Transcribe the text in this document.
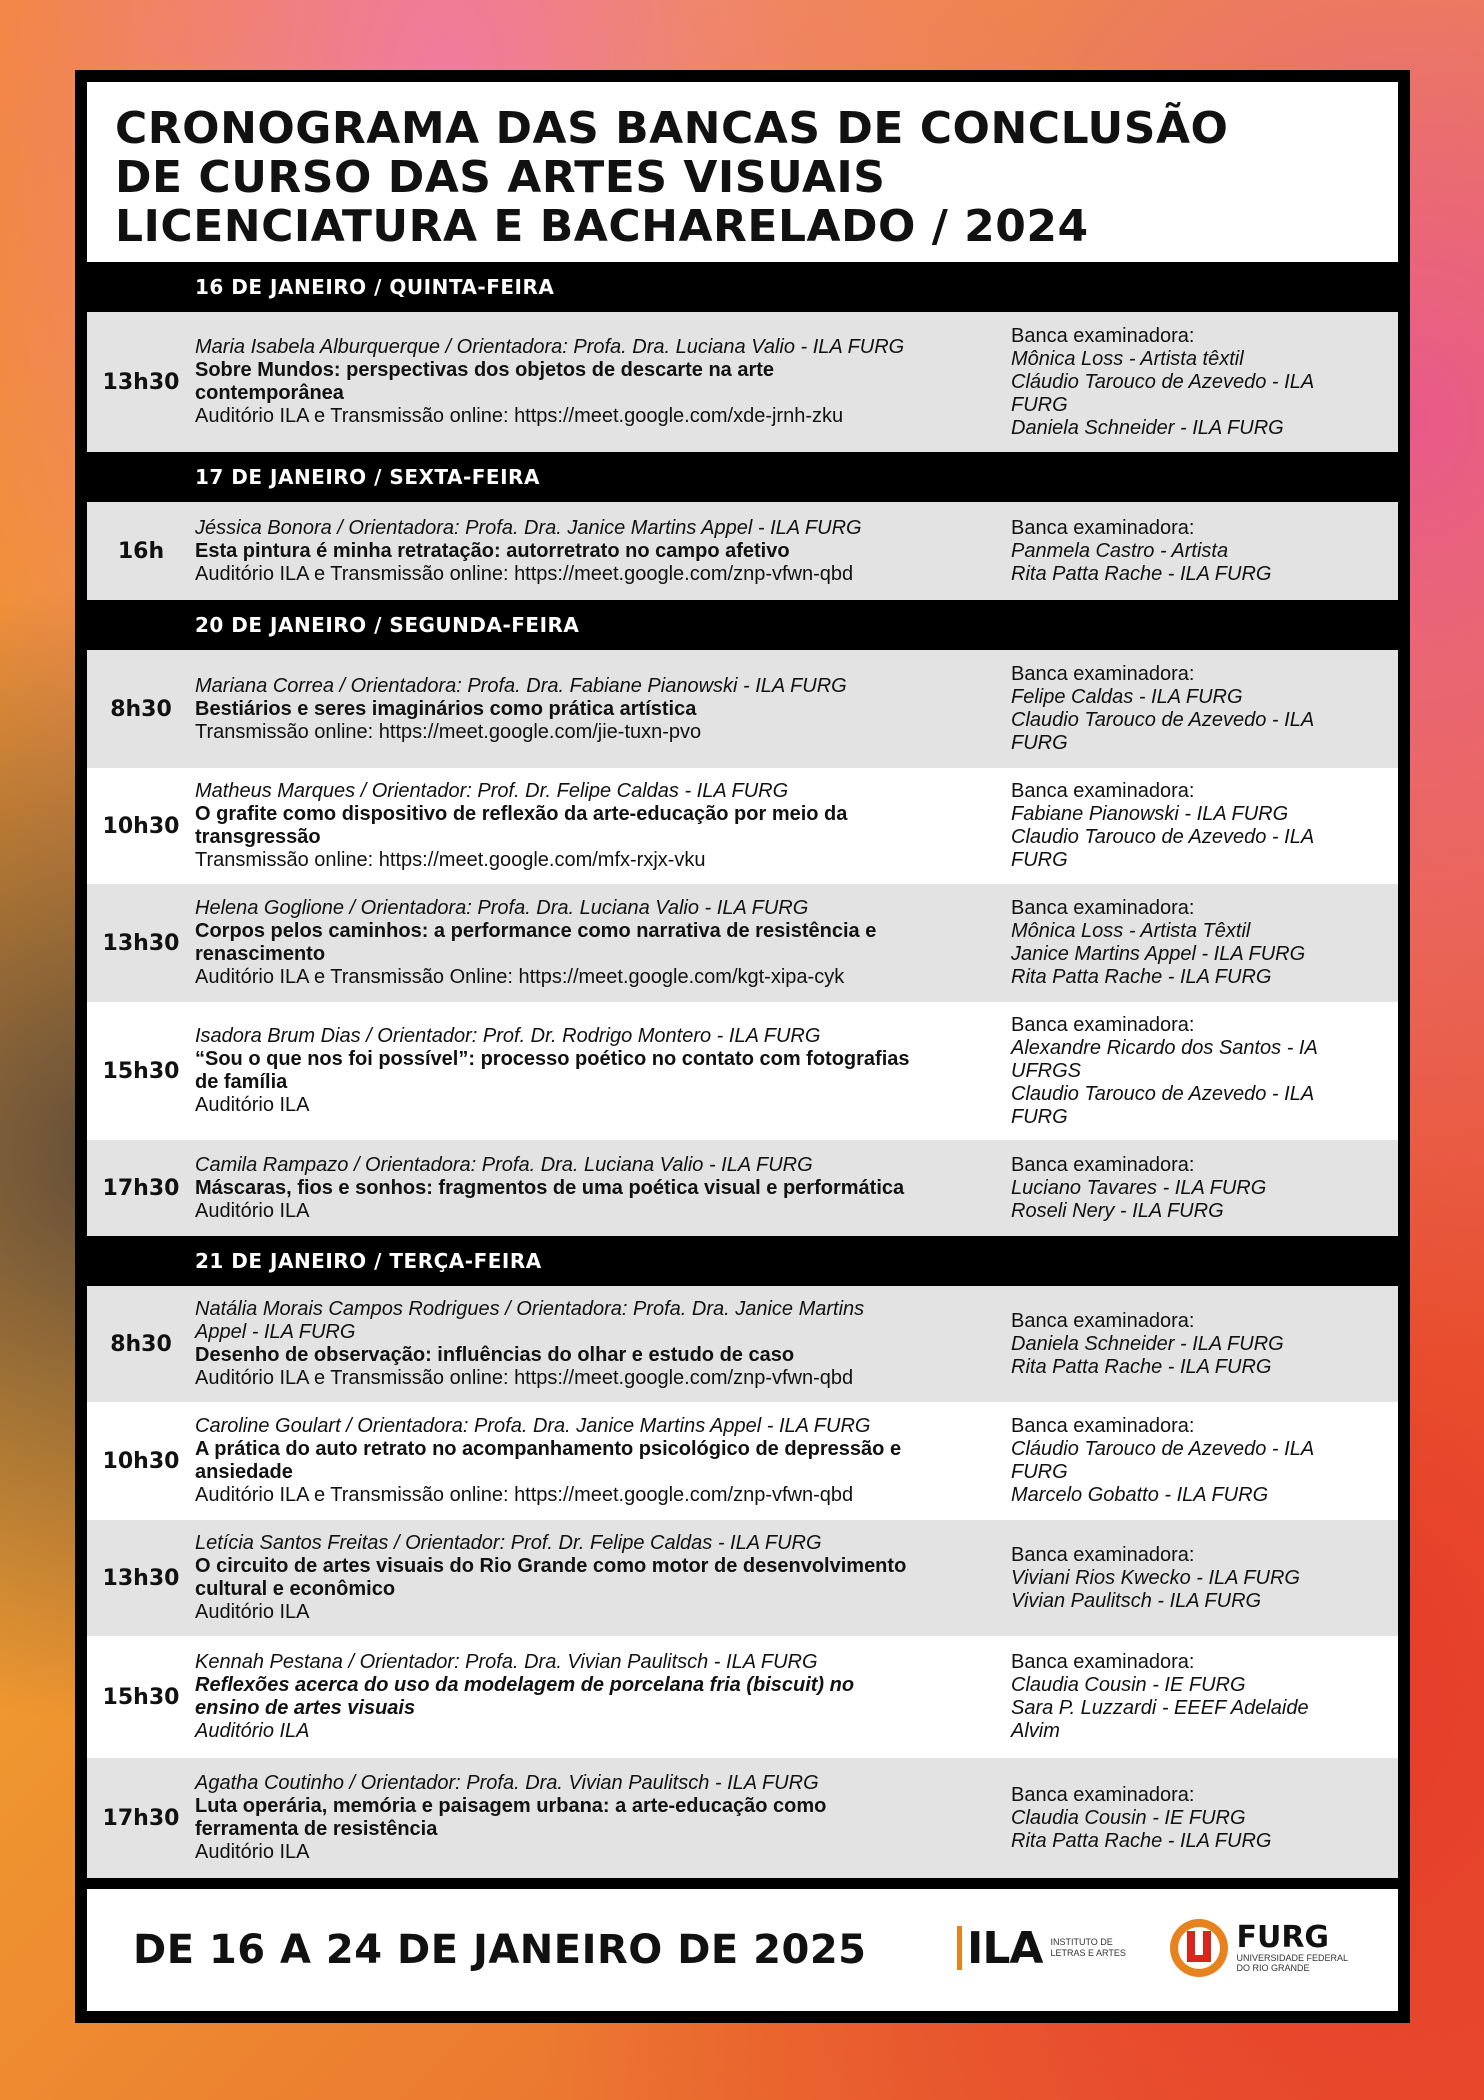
CRONOGRAMA DAS BANCAS DE CONCLUSÃO
DE CURSO DAS ARTES VISUAIS
LICENCIATURA E BACHARELADO / 2024
16 DE JANEIRO / QUINTA-FEIRA
13h30
Maria Isabela Alburquerque / Orientadora: Profa. Dra. Luciana Valio - ILA FURG
Sobre Mundos: perspectivas dos objetos de descarte na arte
contemporânea
Auditório ILA e Transmissão online: https://meet.google.com/xde-jrnh-zku
Banca examinadora:
Mônica Loss - Artista têxtil
Cláudio Tarouco de Azevedo - ILA
FURG
Daniela Schneider - ILA FURG
17 DE JANEIRO / SEXTA-FEIRA
16h
Jéssica Bonora / Orientadora: Profa. Dra. Janice Martins Appel - ILA FURG
Esta pintura é minha retratação: autorretrato no campo afetivo
Auditório ILA e Transmissão online: https://meet.google.com/znp-vfwn-qbd
Banca examinadora:
Panmela Castro - Artista
Rita Patta Rache - ILA FURG
20 DE JANEIRO / SEGUNDA-FEIRA
8h30
Mariana Correa / Orientadora: Profa. Dra. Fabiane Pianowski - ILA FURG
Bestiários e seres imaginários como prática artística
Transmissão online: https://meet.google.com/jie-tuxn-pvo
Banca examinadora:
Felipe Caldas - ILA FURG
Claudio Tarouco de Azevedo - ILA
FURG
10h30
Matheus Marques / Orientador: Prof. Dr. Felipe Caldas - ILA FURG
O grafite como dispositivo de reflexão da arte-educação por meio da
transgressão
Transmissão online: https://meet.google.com/mfx-rxjx-vku
Banca examinadora:
Fabiane Pianowski - ILA FURG
Claudio Tarouco de Azevedo - ILA
FURG
13h30
Helena Goglione / Orientadora: Profa. Dra. Luciana Valio - ILA FURG
Corpos pelos caminhos: a performance como narrativa de resistência e
renascimento
Auditório ILA e Transmissão Online: https://meet.google.com/kgt-xipa-cyk
Banca examinadora:
Mônica Loss - Artista Têxtil
Janice Martins Appel - ILA FURG
Rita Patta Rache - ILA FURG
15h30
Isadora Brum Dias / Orientador: Prof. Dr. Rodrigo Montero - ILA FURG
“Sou o que nos foi possível”: processo poético no contato com fotografias
de família
Auditório ILA
Banca examinadora:
Alexandre Ricardo dos Santos - IA
UFRGS
Claudio Tarouco de Azevedo - ILA
FURG
17h30
Camila Rampazo / Orientadora: Profa. Dra. Luciana Valio - ILA FURG
Máscaras, fios e sonhos: fragmentos de uma poética visual e performática
Auditório ILA
Banca examinadora:
Luciano Tavares - ILA FURG
Roseli Nery - ILA FURG
21 DE JANEIRO / TERÇA-FEIRA
8h30
Natália Morais Campos Rodrigues / Orientadora: Profa. Dra. Janice Martins
Appel - ILA FURG
Desenho de observação: influências do olhar e estudo de caso
Auditório ILA e Transmissão online: https://meet.google.com/znp-vfwn-qbd
Banca examinadora:
Daniela Schneider - ILA FURG
Rita Patta Rache - ILA FURG
10h30
Caroline Goulart / Orientadora: Profa. Dra. Janice Martins Appel - ILA FURG
A prática do auto retrato no acompanhamento psicológico de depressão e
ansiedade
Auditório ILA e Transmissão online: https://meet.google.com/znp-vfwn-qbd
Banca examinadora:
Cláudio Tarouco de Azevedo - ILA
FURG
Marcelo Gobatto - ILA FURG
13h30
Letícia Santos Freitas / Orientador: Prof. Dr. Felipe Caldas - ILA FURG
O circuito de artes visuais do Rio Grande como motor de desenvolvimento
cultural e econômico
Auditório ILA
Banca examinadora:
Viviani Rios Kwecko - ILA FURG
Vivian Paulitsch - ILA FURG
15h30
Kennah Pestana / Orientador: Profa. Dra. Vivian Paulitsch - ILA FURG
Reflexões acerca do uso da modelagem de porcelana fria (biscuit) no
ensino de artes visuais
Auditório ILA
Banca examinadora:
Claudia Cousin - IE FURG
Sara P. Luzzardi - EEEF Adelaide
Alvim
17h30
Agatha Coutinho / Orientador: Profa. Dra. Vivian Paulitsch - ILA FURG
Luta operária, memória e paisagem urbana: a arte-educação como
ferramenta de resistência
Auditório ILA
Banca examinadora:
Claudia Cousin - IE FURG
Rita Patta Rache - ILA FURG
DE 16 A 24 DE JANEIRO DE 2025 ILA INSTITUTO DE LETRAS E ARTES	FURG
UNIVERSIDADE FEDERAL
DO RIO GRANDE
